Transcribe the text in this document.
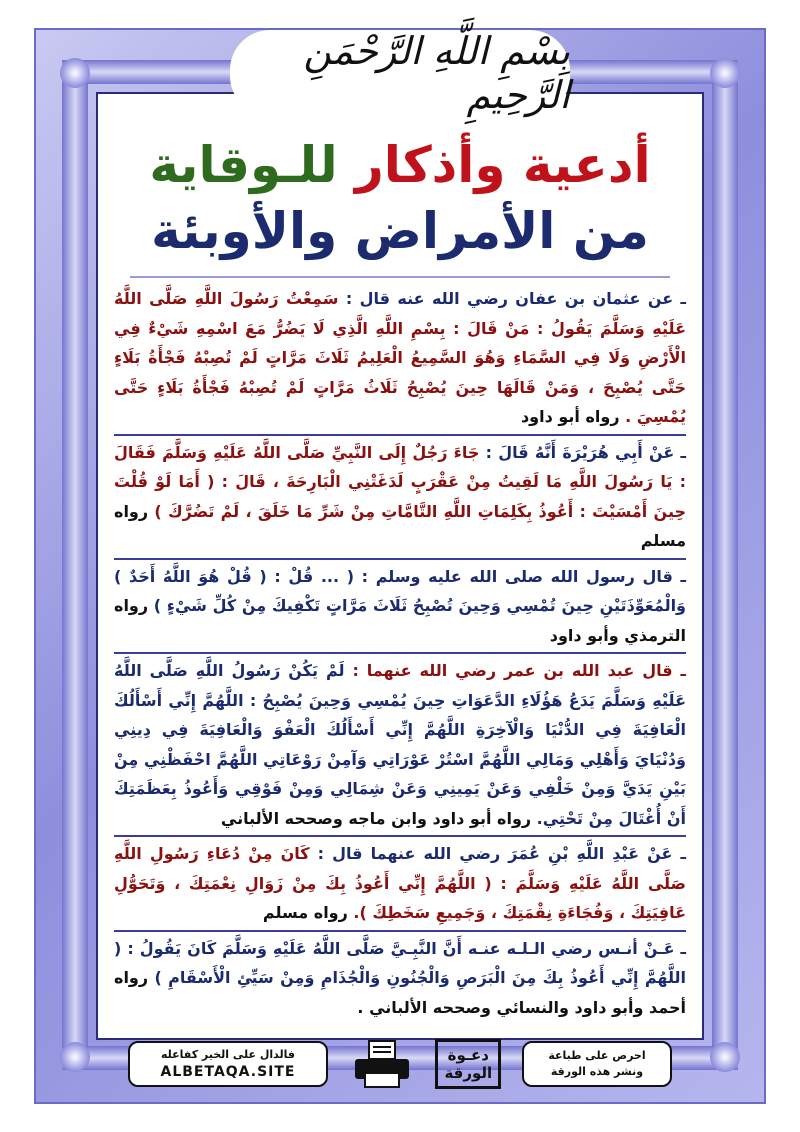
بِسْمِ اللَّهِ الرَّحْمَنِ الرَّحِيمِ
أدعية وأذكار للـوقاية
من الأمراض والأوبئة

ـ عن عثمان بن عفان رضي الله عنه قال : سَمِعْتُ رَسُولَ اللَّهِ صَلَّى اللَّهُ عَلَيْهِ وَسَلَّمَ يَقُولُ : مَنْ قَالَ : بِسْمِ اللَّهِ الَّذِي لَا يَضُرُّ مَعَ اسْمِهِ شَيْءٌ فِي الْأَرْضِ وَلَا فِي السَّمَاءِ وَهُوَ السَّمِيعُ الْعَلِيمُ ثَلَاثَ مَرَّاتٍ لَمْ تُصِبْهُ فَجْأَةُ بَلَاءٍ حَتَّى يُصْبِحَ ، وَمَنْ قَالَهَا حِينَ يُصْبِحُ ثَلَاثُ مَرَّاتٍ لَمْ تُصِبْهُ فَجْأَةُ بَلَاءٍ حَتَّى يُمْسِيَ . رواه أبو داود

ـ عَنْ أَبِي هُرَيْرَةَ أَنَّهُ قَالَ : جَاءَ رَجُلٌ إِلَى النَّبِيِّ صَلَّى اللَّهُ عَلَيْهِ وَسَلَّمَ فَقَالَ : يَا رَسُولَ اللَّهِ مَا لَقِيتُ مِنْ عَقْرَبٍ لَدَغَتْنِي الْبَارِحَةَ ، قَالَ : ( أَمَا لَوْ قُلْتَ حِينَ أَمْسَيْتَ : أَعُوذُ بِكَلِمَاتِ اللَّهِ التَّامَّاتِ مِنْ شَرِّ مَا خَلَقَ ، لَمْ تَضُرَّكَ ) رواه مسلم

ـ قال رسول الله صلى الله عليه وسلم : ( ... قُلْ : ( قُلْ هُوَ اللَّهُ أَحَدٌ ) وَالْمُعَوِّذَتَيْنِ حِينَ تُمْسِي وَحِينَ تُصْبِحُ ثَلَاثَ مَرَّاتٍ تَكْفِيكَ مِنْ كُلِّ شَيْءٍ ) رواه الترمذي وأبو داود

ـ قال عبد الله بن عمر رضي الله عنهما : لَمْ يَكُنْ رَسُولُ اللَّهِ صَلَّى اللَّهُ عَلَيْهِ وَسَلَّمَ يَدَعُ هَؤُلَاءِ الدَّعَوَاتِ حِينَ يُمْسِي وَحِينَ يُصْبِحُ : اللَّهُمَّ إِنِّي أَسْأَلُكَ الْعَافِيَةَ فِي الدُّنْيَا وَالْآخِرَةِ اللَّهُمَّ إِنِّي أَسْأَلُكَ الْعَفْوَ وَالْعَافِيَةَ فِي دِينِي وَدُنْيَايَ وَأَهْلِي وَمَالِي اللَّهُمَّ اسْتُرْ عَوْرَاتِي وَآمِنْ رَوْعَاتِي اللَّهُمَّ احْفَظْنِي مِنْ بَيْنِ يَدَيَّ وَمِنْ خَلْفِي وَعَنْ يَمِينِي وَعَنْ شِمَالِي وَمِنْ فَوْقِي وَأَعُوذُ بِعَظَمَتِكَ أَنْ أُغْتَالَ مِنْ تَحْتِي. رواه أبو داود وابن ماجه وصححه الألباني

ـ عَنْ عَبْدِ اللَّهِ بْنِ عُمَرَ رضي الله عنهما قال : كَانَ مِنْ دُعَاءِ رَسُولِ اللَّهِ صَلَّى اللَّهُ عَلَيْهِ وَسَلَّمَ : ( اللَّهُمَّ إِنِّي أَعُوذُ بِكَ مِنْ زَوَالِ نِعْمَتِكَ ، وَتَحَوُّلِ عَافِيَتِكَ ، وَفُجَاءَةِ نِقْمَتِكَ ، وَجَمِيعِ سَخَطِكَ ). رواه مسلم

ـ عَـنْ أنـس رضي الـلـه عنـه أَنَّ النَّبِـيَّ صَلَّى اللَّهُ عَلَيْهِ وَسَلَّمَ كَانَ يَقُولُ : ( اللَّهُمَّ إِنِّي أَعُوذُ بِكَ مِنَ الْبَرَصِ وَالْجُنُونِ وَالْجُذَامِ وَمِنْ سَيِّئِ الْأَسْقَامِ ) رواه أحمد وأبو داود والنسائي وصححه الألباني .

فالدال على الخير كفاعله
ALBETAQA.SITE
دعـوة
الورقة
احرص على طباعة
ونشر هذه الورقة
